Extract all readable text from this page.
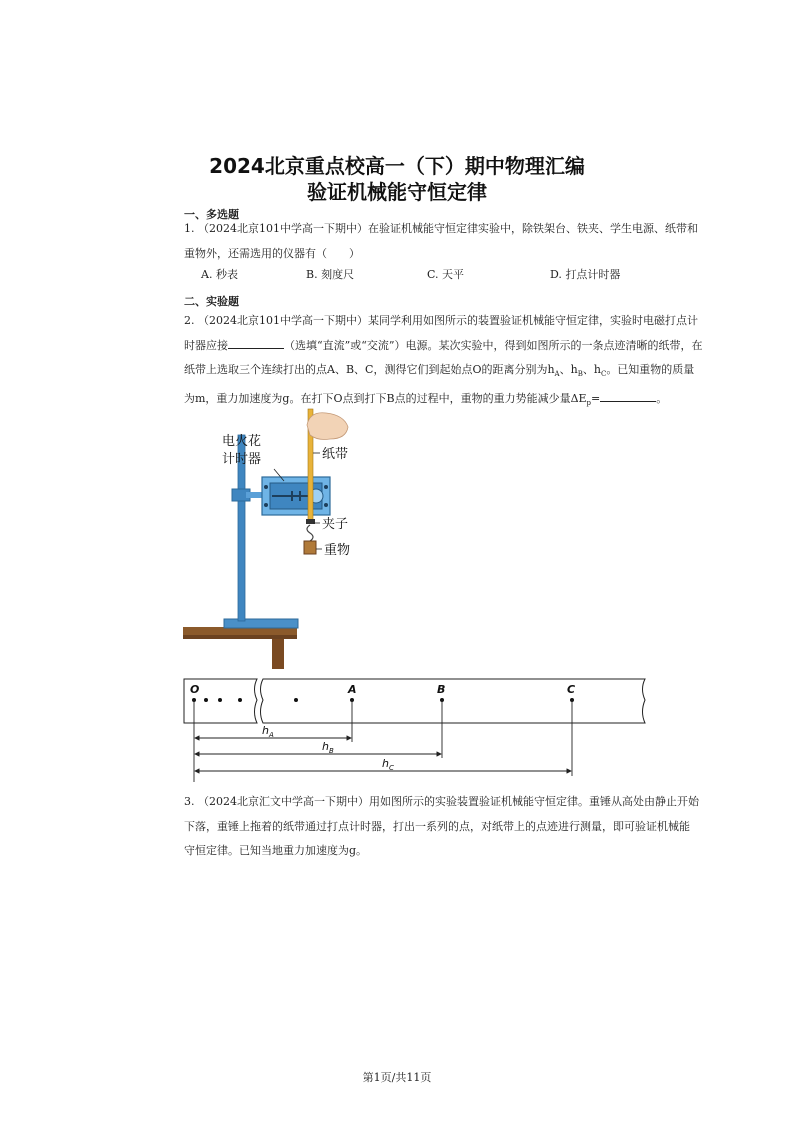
2024北京重点校高一（下）期中物理汇编
验证机械能守恒定律
一、多选题

1. （2024北京101中学高一下期中）在验证机械能守恒定律实验中，除铁架台、铁夹、学生电源、纸带和

重物外，还需选用的仪器有（　　）

A. 秒表	B. 刻度尺	C. 天平	D. 打点计时器
二、实验题

2. （2024北京101中学高一下期中）某同学利用如图所示的装置验证机械能守恒定律，实验时电磁打点计

时器应接	（选填“直流”或“交流”）电源。某次实验中，得到如图所示的一条点迹清晰的纸带，在

纸带上选取三个连续打出的点A、B、C，测得它们到起始点O的距离分别为$h_A$、$h_B$、$h_C$。已知重物的质量

为m，重力加速度为g。在打下O点到打下B点的过程中，重物的重力势能减少量$\Delta E_p=$	。

电火花
计时器	纸带
夹子
重物
O	A	B	C
$h_A$
$h_B$
$h_C$

3. （2024北京汇文中学高一下期中）用如图所示的实验装置验证机械能守恒定律。重锤从高处由静止开始

下落，重锤上拖着的纸带通过打点计时器，打出一系列的点，对纸带上的点迹进行测量，即可验证机械能

守恒定律。已知当地重力加速度为g。

第1页/共11页
